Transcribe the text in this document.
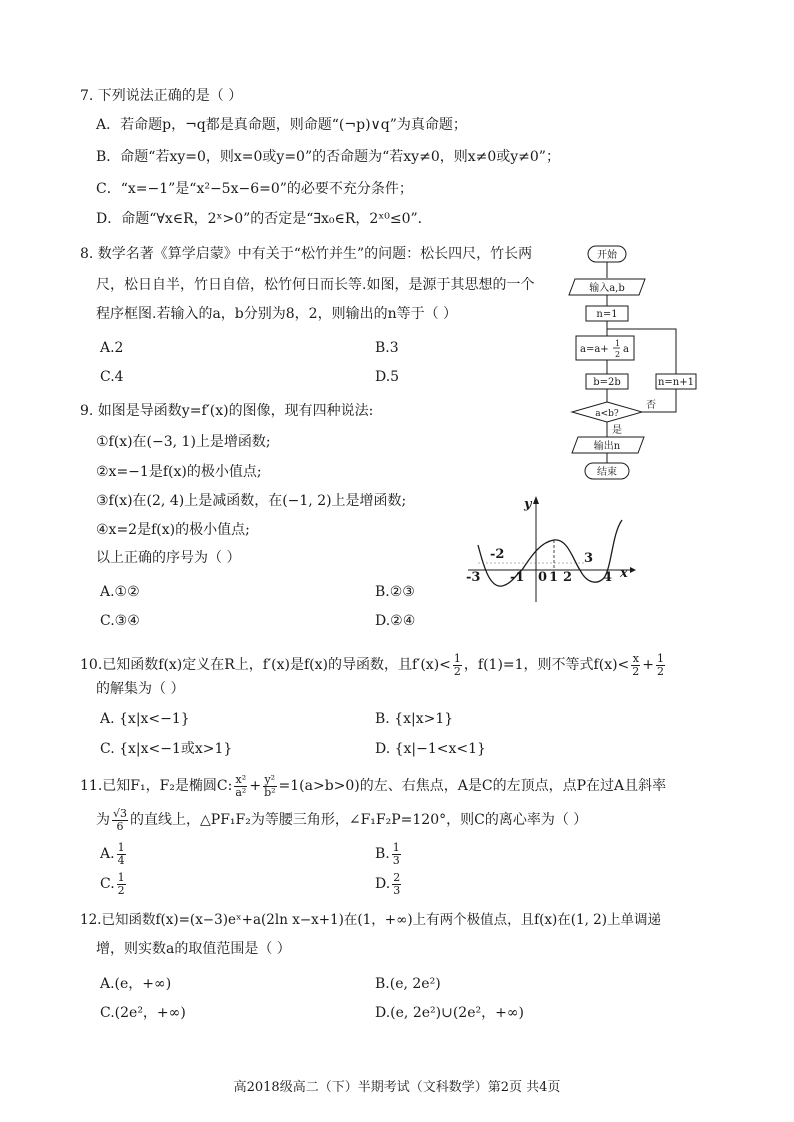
7. 下列说法正确的是（ ）
A．若命题p，¬q都是真命题，则命题“(¬p)∨q”为真命题；
B．命题“若xy=0，则x=0或y=0”的否命题为“若xy≠0，则x≠0或y≠0”；
C．“x=−1”是“x²−5x−6=0”的必要不充分条件；
D．命题“∀x∈R，2ˣ>0”的否定是“∃x₀∈R，2ˣ⁰≤0”．
8. 数学名著《算学启蒙》中有关于“松竹并生”的问题：松长四尺，竹长两
尺，松日自半，竹日自倍，松竹何日而长等.如图，是源于其思想的一个
程序框图.若输入的a，b分别为8，2，则输出的n等于（ ）
A.2	B.3
C.4	D.5
开始
输入a,b
n=1
a=a+
1
2 a
b=2b
a<b?
否
是
n=n+1
输出n
结束
9. 如图是导函数y=f′(x)的图像，现有四种说法:
①f(x)在(−3, 1)上是增函数;
②x=−1是f(x)的极小值点;
③f(x)在(2, 4)上是减函数，在(−1, 2)上是增函数;
④x=2是f(x)的极小值点;
以上正确的序号为（ ）
A.①②	B.②③
C.③④	D.②④
y
x
-2	3
-3 -1 0 1 2 4
10.已知函数f(x)定义在R上，f′(x)是f(x)的导函数，且$f'(x)< \frac{1}{2}$ ，f(1)=1，则不等式$f(x)< \frac{x}{2} + \frac{1}{2}$
的解集为（ ）
A. {x|x<−1}	B. {x|x>1}
C. {x|x<−1或x>1}	D. {x|−1<x<1}
11.已知F₁，F₂是椭圆C: $\frac{\text{x²}}{\text{a²}} + \frac{\text{y²}}{\text{b²}} =1(a>b>0)$的左、右焦点，A是C的左顶点，点P在过A且斜率
为 $\frac{√3}{6}$ 的直线上，△PF₁F₂为等腰三角形，∠F₁F₂P=120°，则C的离心率为（ ）
A. $\frac{1}{4}$	B. $\frac{1}{3}$
C. $\frac{1}{2}$	D. $\frac{2}{3}$
12.已知函数f(x)=(x−3)eˣ+a(2ln x−x+1)在(1，+∞)上有两个极值点，且f(x)在(1, 2)上单调递
增，则实数a的取值范围是（ ）
A.(e，+∞)	B.(e, 2e²)
C.(2e²，+∞)	D.(e, 2e²)∪(2e²，+∞)
高2018级高二（下）半期考试（文科数学）第2页 共4页
